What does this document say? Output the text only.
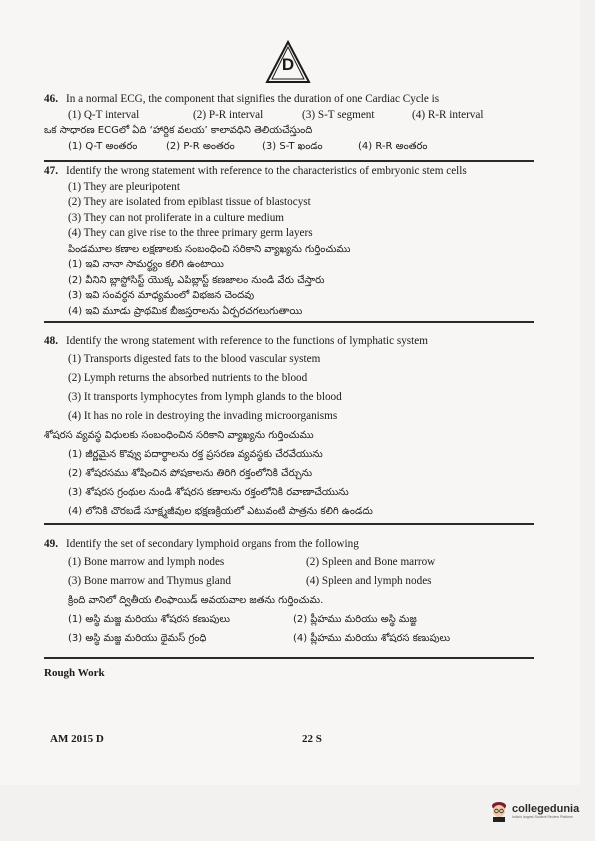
D
46. In a normal ECG, the component that signifies the duration of one Cardiac Cycle is
(1) Q-T interval	(2) P-R interval	(3) S-T segment	(4) R-R interval
ఒక సాధారణ ECGలో ఏది ‘హార్దిక వలయ’ కాలావధిని తెలియచేస్తుంది
(1) Q-T అంతరం	(2) P-R అంతరం	(3) S-T ఖండం	(4) R-R అంతరం
47. Identify the wrong statement with reference to the characteristics of embryonic stem cells
(1) They are pleuripotent
(2) They are isolated from epiblast tissue of blastocyst
(3) They can not proliferate in a culture medium
(4) They can give rise to the three primary germ layers
పిండమూల కణాల లక్షణాలకు సంబంధించి సరికాని వ్యాఖ్యను గుర్తించుము
(1) ఇవి నానా సామర్థ్యం కలిగి ఉంటాయి
(2) వీనిని బ్లాస్టోసిస్ట్ యొక్క ఎపిబ్లాస్ట్ కణజాలం నుండి వేరు చేస్తారు
(3) ఇవి సంవర్ధన మాధ్యమంలో విభజన చెందవు
(4) ఇవి మూడు ప్రాథమిక బీజస్తరాలను ఏర్పరచగలుగుతాయి
48. Identify the wrong statement with reference to the functions of lymphatic system
(1) Transports digested fats to the blood vascular system
(2) Lymph returns the absorbed nutrients to the blood
(3) It transports lymphocytes from lymph glands to the blood
(4) It has no role in destroying the invading microorganisms
శోషరస వ్యవస్థ విధులకు సంబంధించిన సరికాని వ్యాఖ్యను గుర్తించుము
(1) జీర్ణమైన కొవ్వు పదార్థాలను రక్త ప్రసరణ వ్యవస్థకు చేరవేయును
(2) శోషరసము శోషించిన పోషకాలను తిరిగి రక్తంలోనికి చేర్చును
(3) శోషరస గ్రంథుల నుండి శోషరస కణాలను రక్తంలోనికి రవాణాచేయును
(4) లోనికి చొరబడే సూక్ష్మజీవుల భక్షణక్రియలో ఎటువంటి పాత్రను కలిగి ఉండదు
49. Identify the set of secondary lymphoid organs from the following
(1) Bone marrow and lymph nodes	(2) Spleen and Bone marrow
(3) Bone marrow and Thymus gland	(4) Spleen and lymph nodes
క్రింది వానిలో ద్వితీయ లింఫాయిడ్ అవయవాల జతను గుర్తించుమ.
(1) అస్థి మజ్జ మరియు శోషరస కణుపులు	(2) ప్లీహము మరియు అస్థి మజ్జ
(3) అస్థి మజ్జ మరియు థైమస్ గ్రంధి	(4) ప్లీహము మరియు శోషరస కణుపులు
Rough Work
AM 2015 D	22 S
collegedunia
India's largest Student Review Platform
